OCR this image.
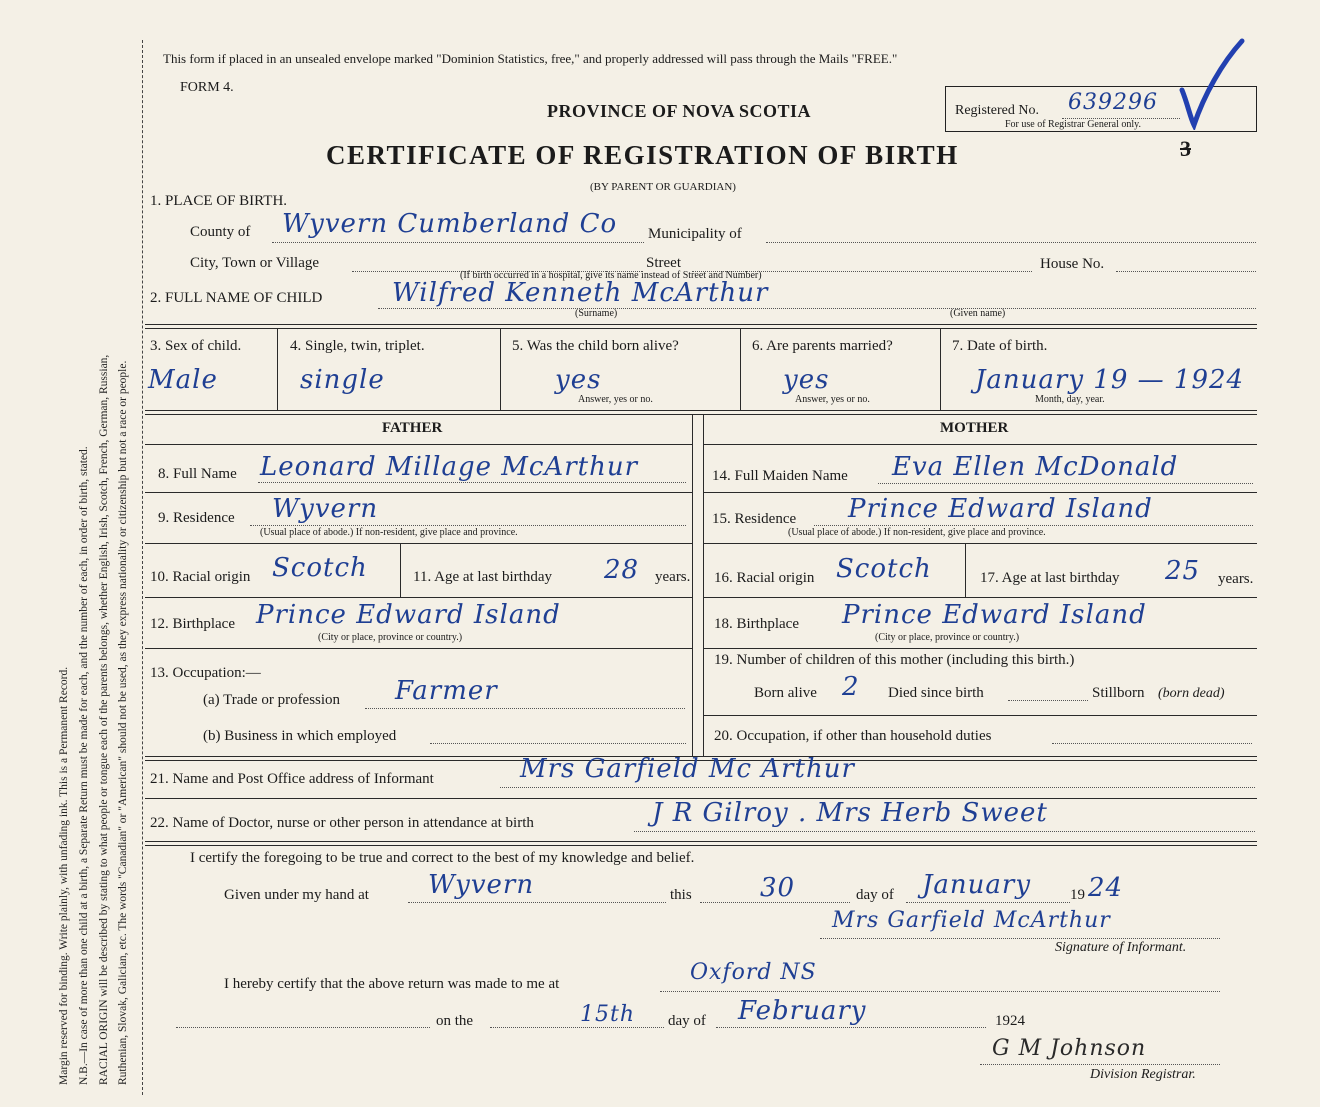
Margin reserved for binding. Write plainly, with unfading ink. This is a Permanent Record. N.B.—In case of more than one child at a birth, a Separate Return must be made for each, and the number of each, in order of birth, stated. RACIAL ORIGIN will be described by stating to what people or tongue each of the parents belongs, whether English, Irish, Scotch, French, German, Russian, Ruthenian, Slovak, Galician, etc. The words "Canadian" or "American" should not be used, as they express nationality or citizenship but not a race or people.
This form if placed in an unsealed envelope marked "Dominion Statistics, free," and properly addressed will pass through the Mails "FREE."
FORM 4.
PROVINCE OF NOVA SCOTIA
CERTIFICATE OF REGISTRATION OF BIRTH
(BY PARENT OR GUARDIAN)
Registered No. 639296
For use of Registrar General only.
3
1. PLACE OF BIRTH.
County of Wyvern Cumberland Co Municipality of
City, Town or Village	Street	House No.
(If birth occurred in a hospital, give its name instead of Street and Number)
2. FULL NAME OF CHILD	Wilfred Kenneth McArthur
(Surname)	(Given name)
3. Sex of child.
Male
4. Single, twin, triplet.
single
5. Was the child born alive?
yes
Answer, yes or no.
6. Are parents married?
yes
Answer, yes or no.
7. Date of birth.
January 19 — 1924
Month, day, year.
FATHER	MOTHER
8. Full Name Leonard Millage McArthur
9. Residence Wyvern
(Usual place of abode.) If non-resident, give place and province.
10. Racial origin Scotch	11. Age at last birthday 28 years.
12. Birthplace Prince Edward Island
(City or place, province or country.)
13. Occupation:—
(a) Trade or profession Farmer
(b) Business in which employed
14. Full Maiden Name Eva Ellen McDonald
15. Residence Prince Edward Island
(Usual place of abode.) If non-resident, give place and province.
16. Racial origin Scotch	17. Age at last birthday 25 years.
18. Birthplace Prince Edward Island
(City or place, province or country.)
19. Number of children of this mother (including this birth.)
Born alive 2 Died since birth	Stillborn (born dead)
20. Occupation, if other than household duties
21. Name and Post Office address of Informant	Mrs Garfield Mc Arthur
22. Name of Doctor, nurse or other person in attendance at birth	J R Gilroy . Mrs Herb Sweet
I certify the foregoing to be true and correct to the best of my knowledge and belief.
Given under my hand at Wyvern	this	30	day of January	19 24
Mrs Garfield McArthur
Signature of Informant.
I hereby certify that the above return was made to me at	Oxford NS
on the	15th day of February	1924
G M Johnson
Division Registrar.
